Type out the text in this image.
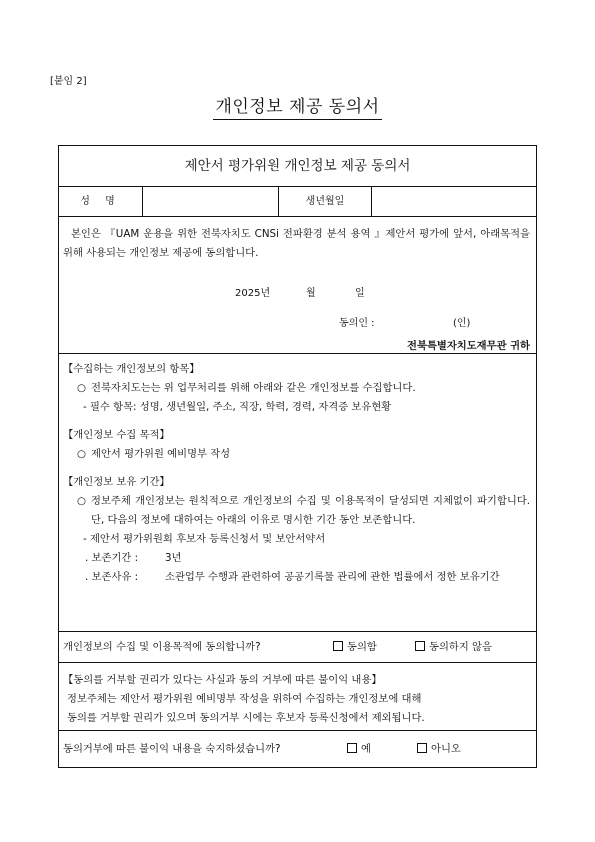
[붙임 2]
개인정보 제공 동의서
제안서 평가위원 개인정보 제공 동의서
성 명	생년월일
본인은 『UAM 운용을 위한 전북자치도 CNSi 전파환경 분석 용역 』제안서 평가에 앞서, 아래목적을 위해 사용되는 개인정보 제공에 동의합니다.
2025년	월	일
동의인 :	(인)
전북특별자치도재무관 귀하

【수집하는 개인정보의 항목】

○ 전북자치도는는 위 업무처리를 위해 아래와 같은 개인정보를 수집합니다.

- 필수 항목: 성명, 생년월일, 주소, 직장, 학력, 경력, 자격증 보유현황

【개인정보 수집 목적】

○ 제안서 평가위원 예비명부 작성

【개인정보 보유 기간】

○ 정보주체 개인정보는 원칙적으로 개인정보의 수집 및 이용목적이 달성되면 지체없이 파기합니다. 단, 다음의 정보에 대하여는 아래의 이유로 명시한 기간 동안 보존합니다.

- 제안서 평가위원회 후보자 등록신청서 및 보안서약서

. 보존기간 :	3년

. 보존사유 :	소관업무 수행과 관련하여 공공기록물 관리에 관한 법률에서 정한 보유기간

개인정보의 수집 및 이용목적에 동의합니까?	동의함	동의하지 않음

【동의를 거부할 권리가 있다는 사실과 동의 거부에 따른 불이익 내용】

정보주체는 제안서 평가위원 예비명부 작성을 위하여 수집하는 개인정보에 대해

동의를 거부할 권리가 있으며 동의거부 시에는 후보자 등록신청에서 제외됩니다.

동의거부에 따른 불이익 내용을 숙지하셨습니까?	예	아니오
